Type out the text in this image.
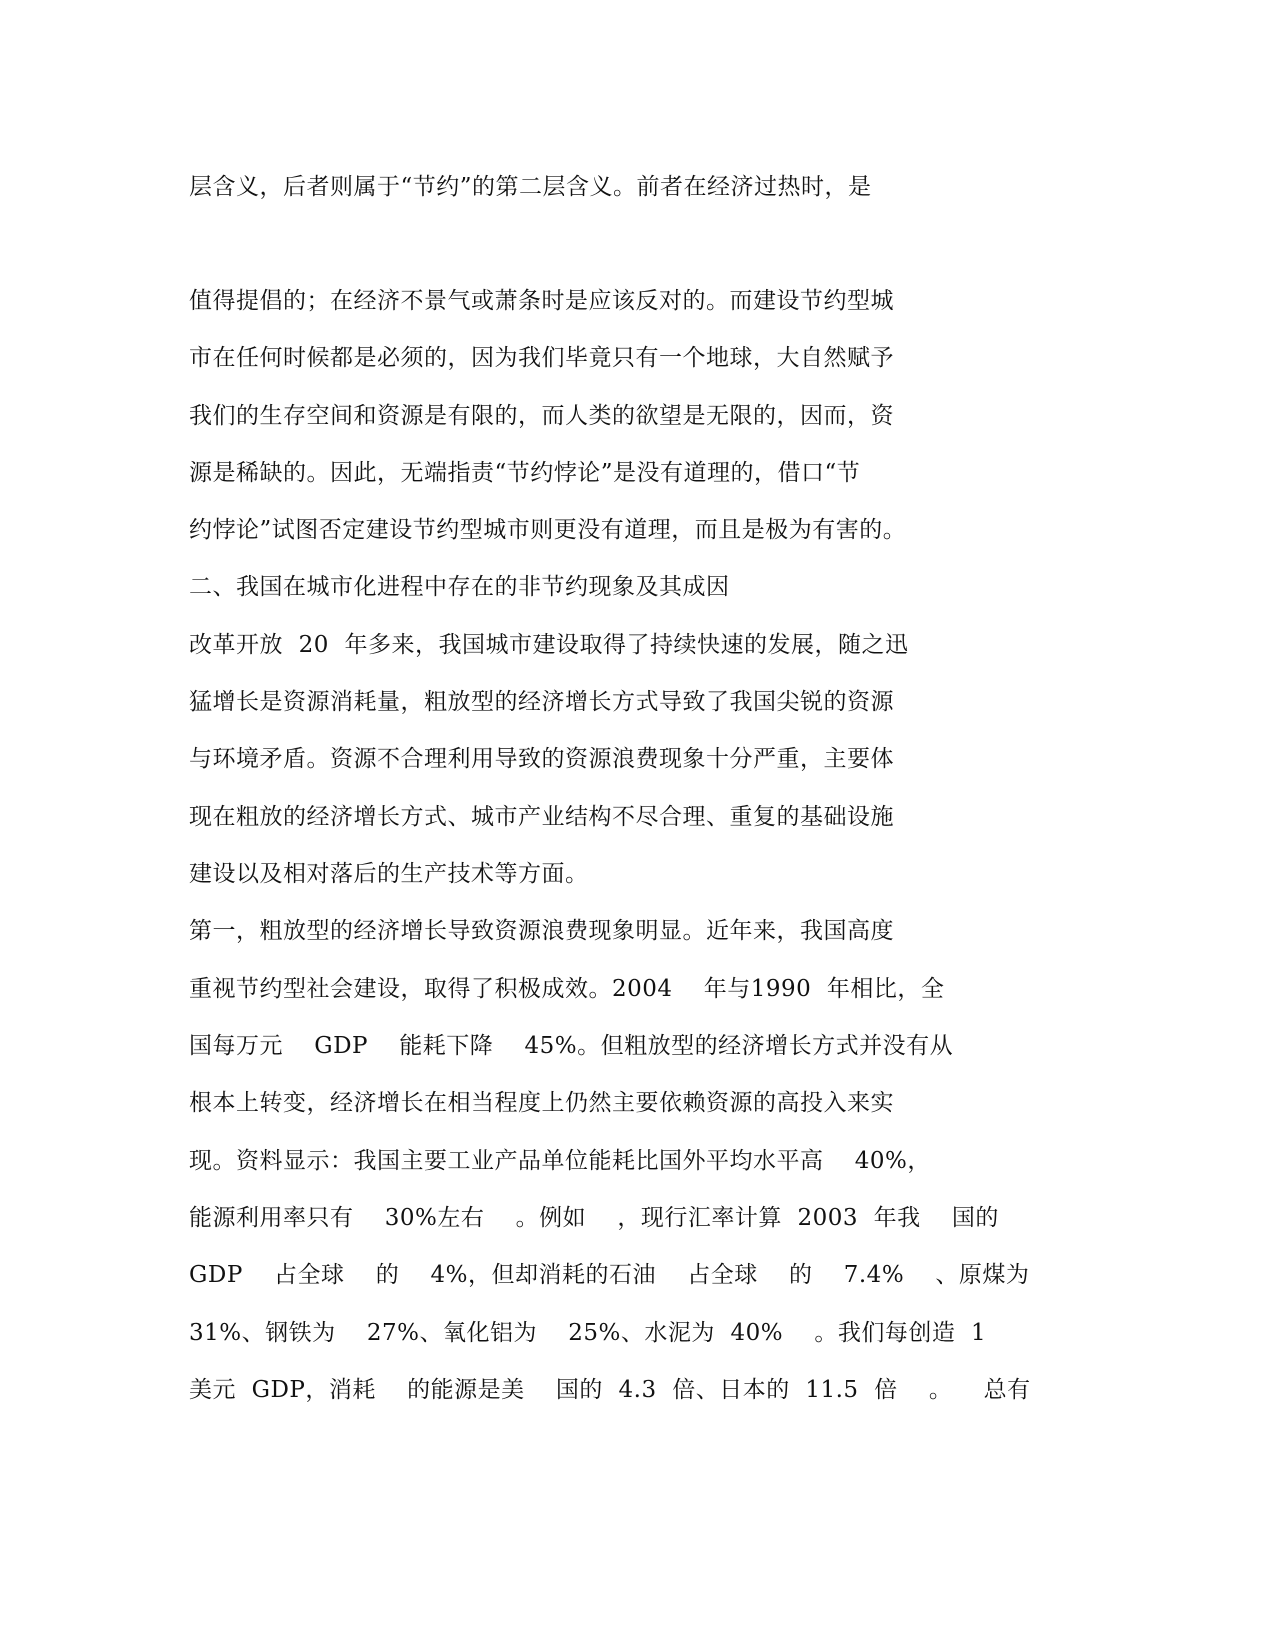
层含义，后者则属于“节约”的第二层含义。前者在经济过热时，是
值得提倡的；在经济不景气或萧条时是应该反对的。而建设节约型城
市在任何时候都是必须的，因为我们毕竟只有一个地球，大自然赋予
我们的生存空间和资源是有限的，而人类的欲望是无限的，因而，资
源是稀缺的。因此，无端指责“节约悖论”是没有道理的，借口“节
约悖论”试图否定建设节约型城市则更没有道理，而且是极为有害的。
二、我国在城市化进程中存在的非节约现象及其成因
改革开放  20  年多来，我国城市建设取得了持续快速的发展，随之迅
猛增长是资源消耗量，粗放型的经济增长方式导致了我国尖锐的资源
与环境矛盾。资源不合理利用导致的资源浪费现象十分严重，主要体
现在粗放的经济增长方式、城市产业结构不尽合理、重复的基础设施
建设以及相对落后的生产技术等方面。
第一，粗放型的经济增长导致资源浪费现象明显。近年来，我国高度
重视节约型社会建设，取得了积极成效。2004    年与1990  年相比，全
国每万元    GDP    能耗下降    45%。但粗放型的经济增长方式并没有从
根本上转变，经济增长在相当程度上仍然主要依赖资源的高投入来实
现。资料显示：我国主要工业产品单位能耗比国外平均水平高    40%，
能源利用率只有    30%左右    。例如    ，现行汇率计算  2003  年我    国的
GDP    占全球    的    4%，但却消耗的石油    占全球    的    7.4%    、原煤为
31%、钢铁为    27%、氧化铝为    25%、水泥为  40%    。我们每创造  1
美元  GDP，消耗    的能源是美    国的  4.3  倍、日本的  11.5  倍    。    总有
